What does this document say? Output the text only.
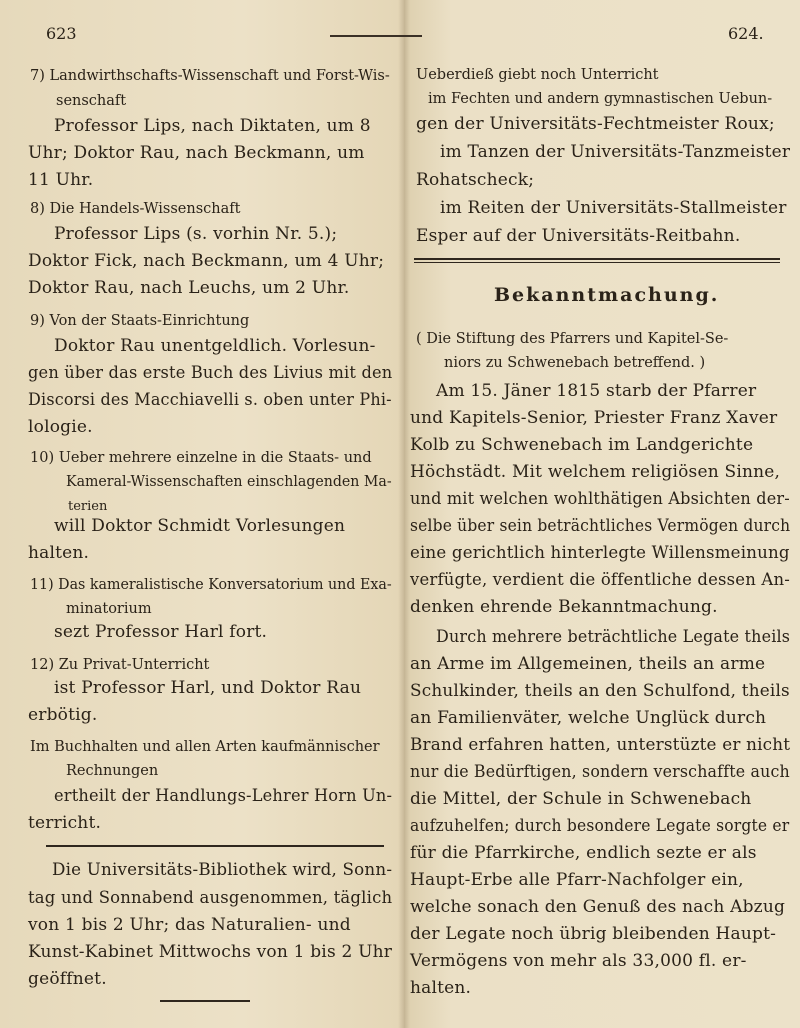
623	624.
7) Landwirthschafts-Wissenschaft und Forst-Wis-
senschaft
Professor Lips, nach Diktaten, um 8
Uhr; Doktor Rau, nach Beckmann, um
11 Uhr.
8) Die Handels-Wissenschaft
Professor Lips (s. vorhin Nr. 5.);
Doktor Fick, nach Beckmann, um 4 Uhr;
Doktor Rau, nach Leuchs, um 2 Uhr.
9) Von der Staats-Einrichtung
Doktor Rau unentgeldlich. Vorlesun-
gen über das erste Buch des Livius mit den
Discorsi des Macchiavelli s. oben unter Phi-
lologie.
10) Ueber mehrere einzelne in die Staats- und
Kameral-Wissenschaften einschlagenden Ma-
terien
will Doktor Schmidt Vorlesungen
halten.
11) Das kameralistische Konversatorium und Exa-
minatorium
sezt Professor Harl fort.
12) Zu Privat-Unterricht
ist Professor Harl, und Doktor Rau
erbötig.
Im Buchhalten und allen Arten kaufmännischer
Rechnungen
ertheilt der Handlungs-Lehrer Horn Un-
terricht.
Die Universitäts-Bibliothek wird, Sonn-
tag und Sonnabend ausgenommen, täglich
von 1 bis 2 Uhr; das Naturalien- und
Kunst-Kabinet Mittwochs von 1 bis 2 Uhr
geöffnet.
Ueberdieß giebt noch Unterricht
im Fechten und andern gymnastischen Uebun-
gen der Universitäts-Fechtmeister Roux;
im Tanzen der Universitäts-Tanzmeister
Rohatscheck;
im Reiten der Universitäts-Stallmeister
Esper auf der Universitäts-Reitbahn.
Bekanntmachung.
( Die Stiftung des Pfarrers und Kapitel-Se-
niors zu Schwenebach betreffend. )
Am 15. Jäner 1815 starb der Pfarrer
und Kapitels-Senior, Priester Franz Xaver
Kolb zu Schwenebach im Landgerichte
Höchstädt. Mit welchem religiösen Sinne,
und mit welchen wohlthätigen Absichten der-
selbe über sein beträchtliches Vermögen durch
eine gerichtlich hinterlegte Willensmeinung
verfügte, verdient die öffentliche dessen An-
denken ehrende Bekanntmachung.
Durch mehrere beträchtliche Legate theils
an Arme im Allgemeinen, theils an arme
Schulkinder, theils an den Schulfond, theils
an Familienväter, welche Unglück durch
Brand erfahren hatten, unterstüzte er nicht
nur die Bedürftigen, sondern verschaffte auch
die Mittel, der Schule in Schwenebach
aufzuhelfen; durch besondere Legate sorgte er
für die Pfarrkirche, endlich sezte er als
Haupt-Erbe alle Pfarr-Nachfolger ein,
welche sonach den Genuß des nach Abzug
der Legate noch übrig bleibenden Haupt-
Vermögens von mehr als 33,000 fl. er-
halten.
